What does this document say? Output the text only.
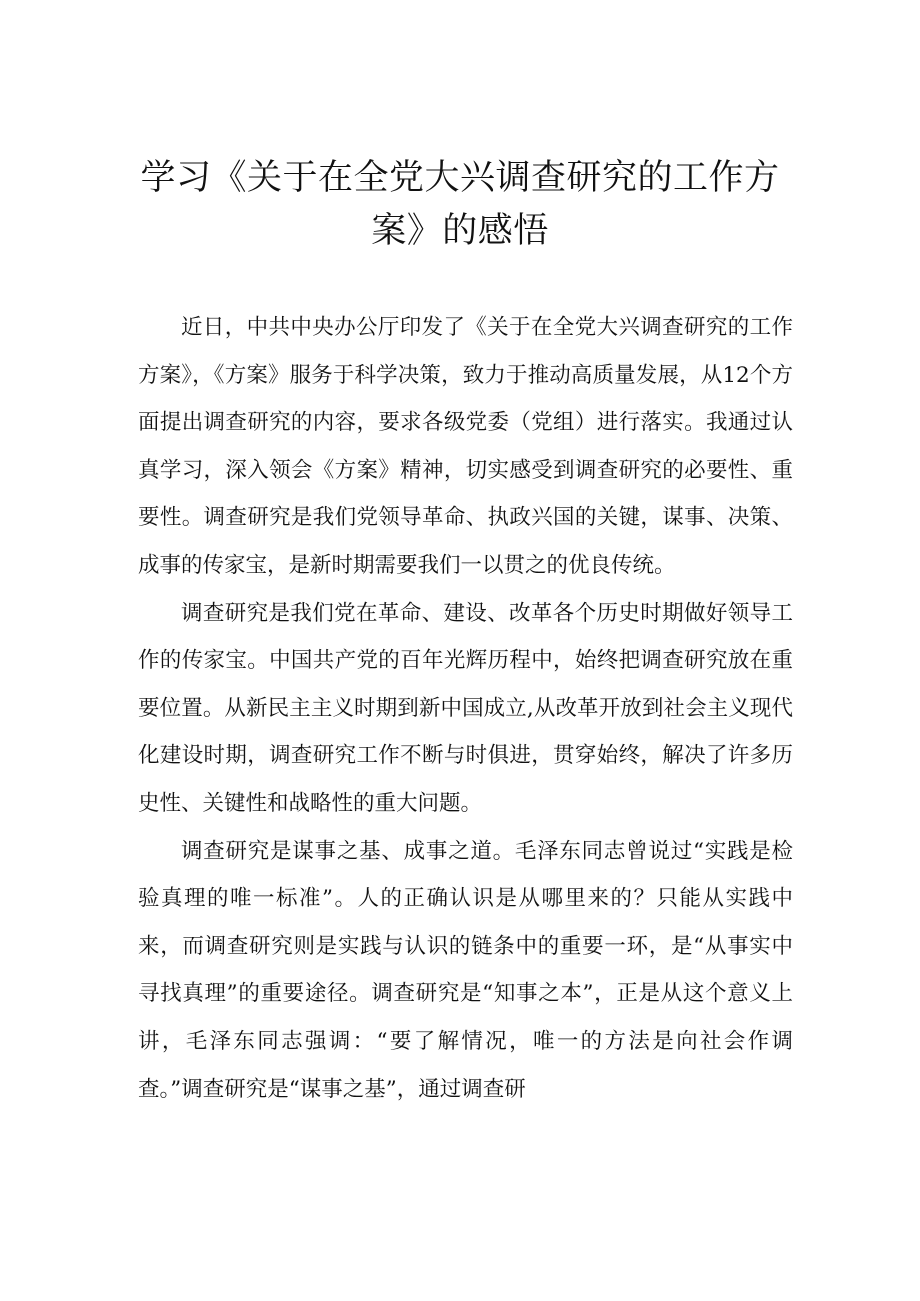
学习《关于在全党大兴调查研究的工作方
案》的感悟

近日，中共中央办公厅印发了《关于在全党大兴调查研究的工作方案》，《方案》服务于科学决策，致力于推动高质量发展，从12个方面提出调查研究的内容，要求各级党委（党组）进行落实。我通过认真学习，深入领会《方案》精神，切实感受到调查研究的必要性、重要性。调查研究是我们党领导革命、执政兴国的关键，谋事、决策、成事的传家宝，是新时期需要我们一以贯之的优良传统。

调查研究是我们党在革命、建设、改革各个历史时期做好领导工作的传家宝。中国共产党的百年光辉历程中，始终把调查研究放在重要位置。从新民主主义时期到新中国成立,从改革开放到社会主义现代化建设时期，调查研究工作不断与时俱进，贯穿始终，解决了许多历史性、关键性和战略性的重大问题。

调查研究是谋事之基、成事之道。毛泽东同志曾说过“实践是检验真理的唯一标准”。人的正确认识是从哪里来的？只能从实践中来，而调查研究则是实践与认识的链条中的重要一环，是“从事实中寻找真理”的重要途径。调查研究是“知事之本”，正是从这个意义上讲，毛泽东同志强调：“要了解情况，唯一的方法是向社会作调查。”调查研究是“谋事之基”，通过调查研
